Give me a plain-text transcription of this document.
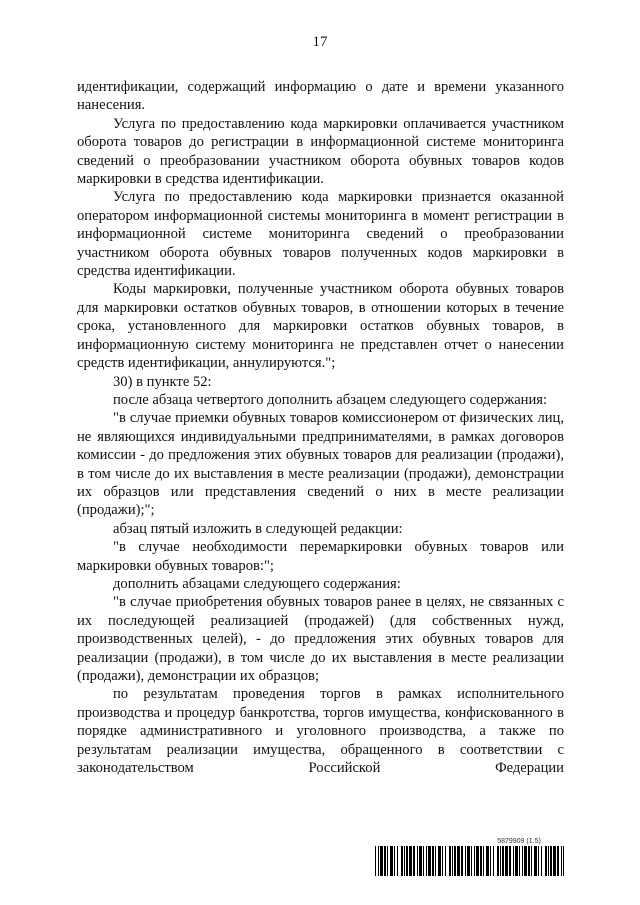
17

идентификации, содержащий информацию о дате и времени указанного нанесения.

Услуга по предоставлению кода маркировки оплачивается участником оборота товаров до регистрации в информационной системе мониторинга сведений о преобразовании участником оборота обувных товаров кодов маркировки в средства идентификации.

Услуга по предоставлению кода маркировки признается оказанной оператором информационной системы мониторинга в момент регистрации в информационной системе мониторинга сведений о преобразовании участником оборота обувных товаров полученных кодов маркировки в средства идентификации.

Коды маркировки, полученные участником оборота обувных товаров для маркировки остатков обувных товаров, в отношении которых в течение срока, установленного для маркировки остатков обувных товаров, в информационную систему мониторинга не представлен отчет о нанесении средств идентификации, аннулируются.";

30) в пункте 52:

после абзаца четвертого дополнить абзацем следующего содержания:

"в случае приемки обувных товаров комиссионером от физических лиц, не являющихся индивидуальными предпринимателями, в рамках договоров комиссии - до предложения этих обувных товаров для реализации (продажи), в том числе до их выставления в месте реализации (продажи), демонстрации их образцов или представления сведений о них в месте реализации (продажи);";

абзац пятый изложить в следующей редакции:

"в случае необходимости перемаркировки обувных товаров или маркировки обувных товаров:";

дополнить абзацами следующего содержания:

"в случае приобретения обувных товаров ранее в целях, не связанных с их последующей реализацией (продажей) (для собственных нужд, производственных целей), - до предложения этих обувных товаров для реализации (продажи), в том числе до их выставления в месте реализации (продажи), демонстрации их образцов;

по результатам проведения торгов в рамках исполнительного производства и процедур банкротства, торгов имущества, конфискованного в порядке административного и уголовного производства, а также по результатам реализации имущества, обращенного в соответствии с законодательством Российской Федерации

5879909 (1.5)
